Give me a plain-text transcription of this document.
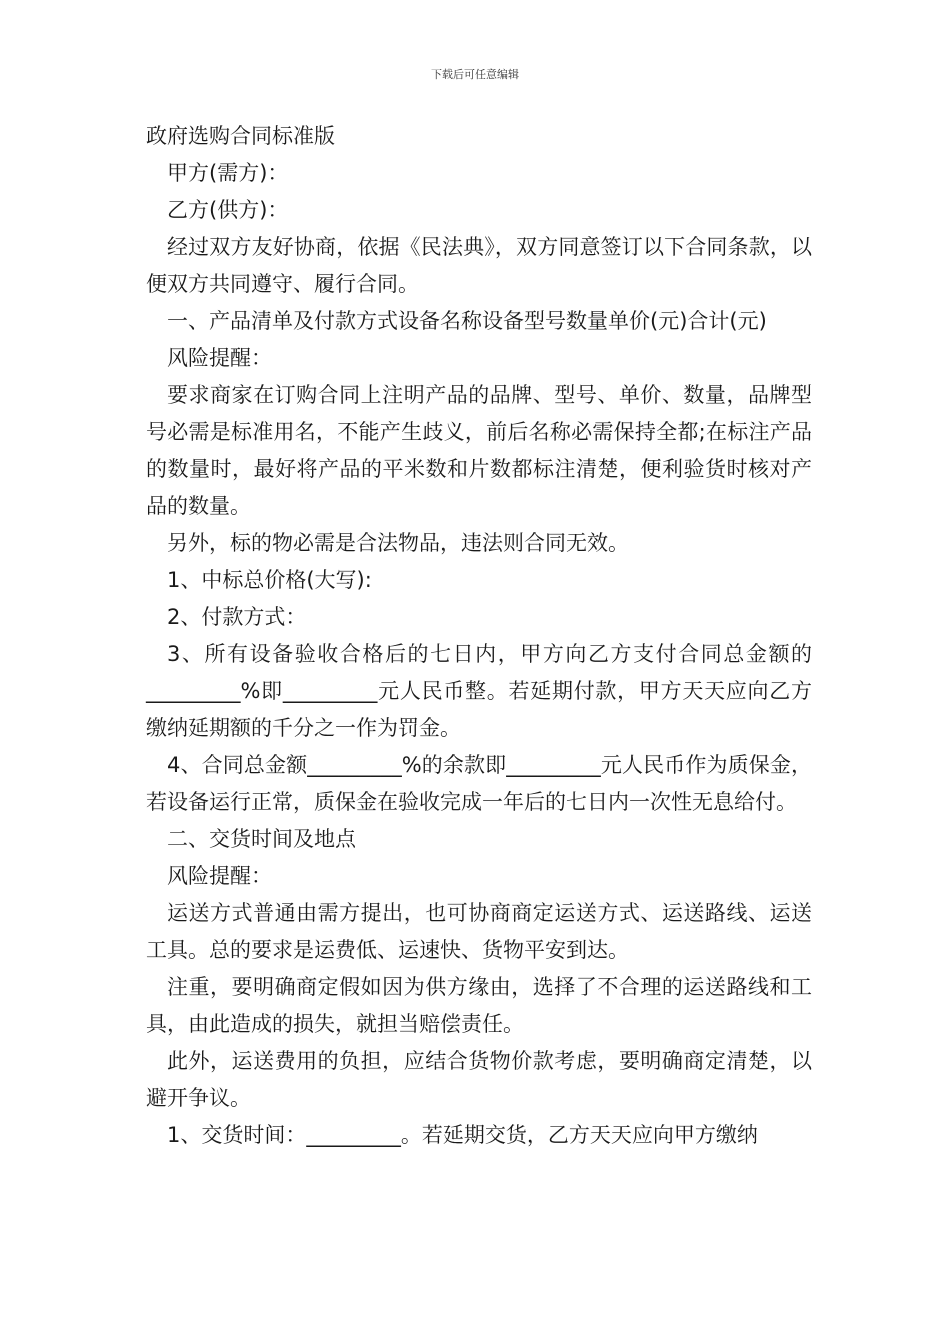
下载后可任意编辑

政府选购合同标准版

甲方(需方)：

乙方(供方)：

经过双方友好协商，依据《民法典》，双方同意签订以下合同条款，以便双方共同遵守、履行合同。

一、产品清单及付款方式设备名称设备型号数量单价(元)合计(元)

风险提醒：

要求商家在订购合同上注明产品的品牌、型号、单价、数量，品牌型号必需是标准用名，不能产生歧义，前后名称必需保持全都;在标注产品的数量时，最好将产品的平米数和片数都标注清楚，便利验货时核对产品的数量。

另外，标的物必需是合法物品，违法则合同无效。

1、中标总价格(大写):

2、付款方式：

3、所有设备验收合格后的七日内，甲方向乙方支付合同总金额的_________%即_________元人民币整。若延期付款，甲方天天应向乙方缴纳延期额的千分之一作为罚金。

4、合同总金额_________%的余款即_________元人民币作为质保金，若设备运行正常，质保金在验收完成一年后的七日内一次性无息给付。

二、交货时间及地点

风险提醒：

运送方式普通由需方提出，也可协商商定运送方式、运送路线、运送工具。总的要求是运费低、运速快、货物平安到达。

注重，要明确商定假如因为供方缘由，选择了不合理的运送路线和工具，由此造成的损失，就担当赔偿责任。

此外，运送费用的负担，应结合货物价款考虑，要明确商定清楚，以避开争议。

1、交货时间：_________。若延期交货，乙方天天应向甲方缴纳
